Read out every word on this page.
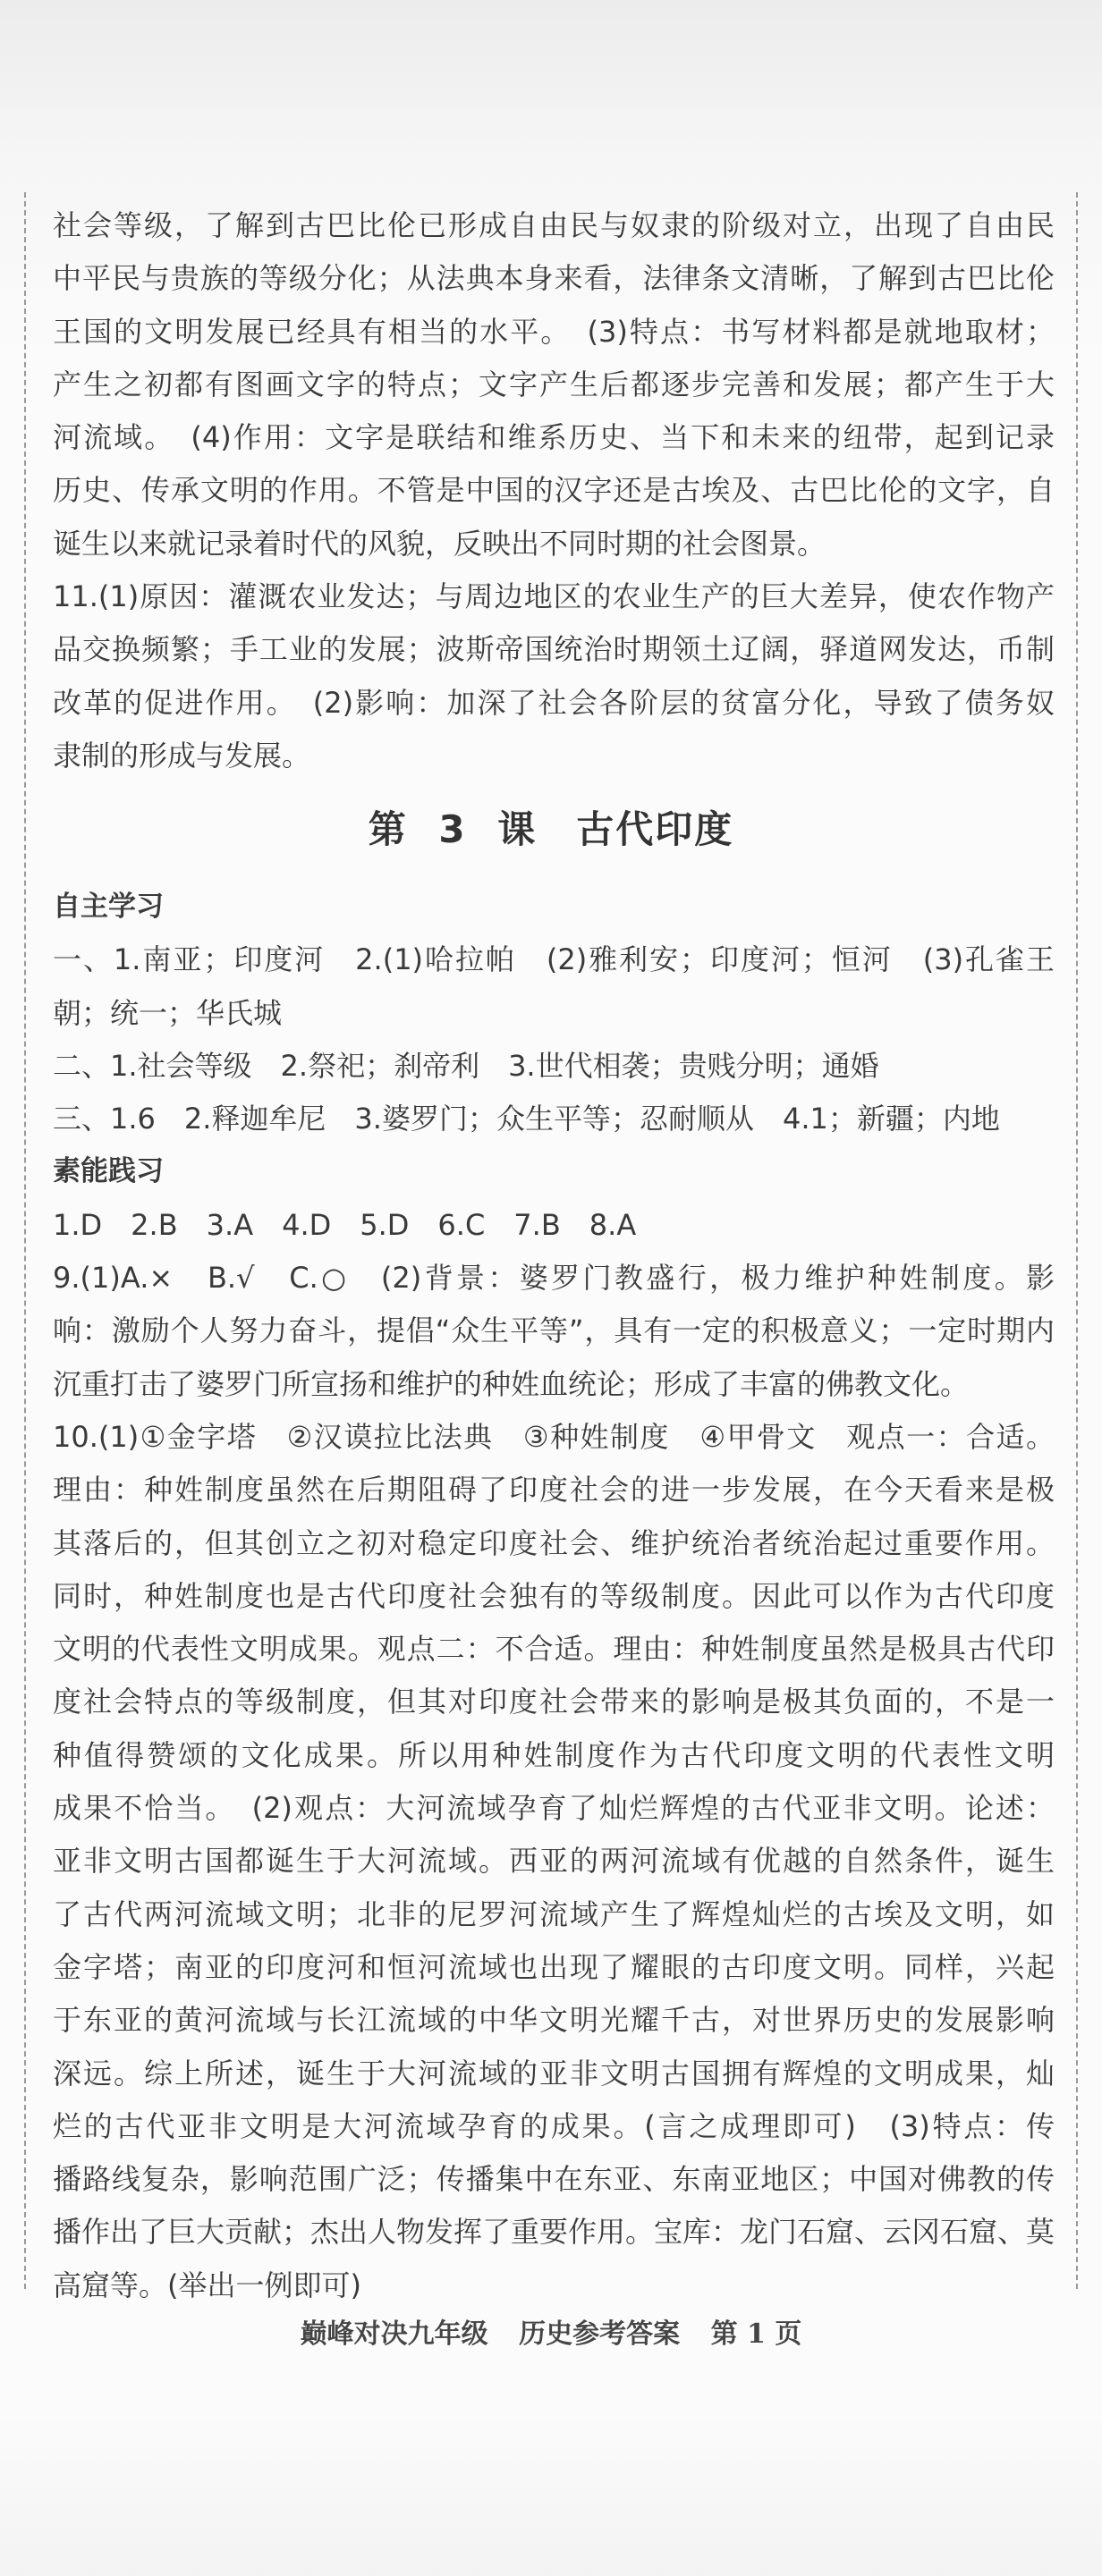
社会等级，了解到古巴比伦已形成自由民与奴隶的阶级对立，出现了自由民
中平民与贵族的等级分化；从法典本身来看，法律条文清晰，了解到古巴比伦
王国的文明发展已经具有相当的水平。　(3)特点：书写材料都是就地取材；
产生之初都有图画文字的特点；文字产生后都逐步完善和发展；都产生于大
河流域。　(4)作用：文字是联结和维系历史、当下和未来的纽带，起到记录
历史、传承文明的作用。不管是中国的汉字还是古埃及、古巴比伦的文字，自
诞生以来就记录着时代的风貌，反映出不同时期的社会图景。
11.(1)原因：灌溉农业发达；与周边地区的农业生产的巨大差异，使农作物产
品交换频繁；手工业的发展；波斯帝国统治时期领土辽阔，驿道网发达，币制
改革的促进作用。　(2)影响：加深了社会各阶层的贫富分化，导致了债务奴
隶制的形成与发展。
第 3 课　古代印度
自主学习
一、1.南亚；印度河　2.(1)哈拉帕　(2)雅利安；印度河；恒河　(3)孔雀王
朝；统一；华氏城
二、1.社会等级　2.祭祀；刹帝利　3.世代相袭；贵贱分明；通婚
三、1.6　2.释迦牟尼　3.婆罗门；众生平等；忍耐顺从　4.1；新疆；内地
素能践习
1.D　2.B　3.A　4.D　5.D　6.C　7.B　8.A
9.(1)A.×　B.√　C.○　(2)背景：婆罗门教盛行，极力维护种姓制度。影
响：激励个人努力奋斗，提倡“众生平等”，具有一定的积极意义；一定时期内
沉重打击了婆罗门所宣扬和维护的种姓血统论；形成了丰富的佛教文化。
10.(1)①金字塔　②汉谟拉比法典　③种姓制度　④甲骨文　观点一：合适。
理由：种姓制度虽然在后期阻碍了印度社会的进一步发展，在今天看来是极
其落后的，但其创立之初对稳定印度社会、维护统治者统治起过重要作用。
同时，种姓制度也是古代印度社会独有的等级制度。因此可以作为古代印度
文明的代表性文明成果。观点二：不合适。理由：种姓制度虽然是极具古代印
度社会特点的等级制度，但其对印度社会带来的影响是极其负面的，不是一
种值得赞颂的文化成果。所以用种姓制度作为古代印度文明的代表性文明
成果不恰当。　(2)观点：大河流域孕育了灿烂辉煌的古代亚非文明。论述：
亚非文明古国都诞生于大河流域。西亚的两河流域有优越的自然条件，诞生
了古代两河流域文明；北非的尼罗河流域产生了辉煌灿烂的古埃及文明，如
金字塔；南亚的印度河和恒河流域也出现了耀眼的古印度文明。同样，兴起
于东亚的黄河流域与长江流域的中华文明光耀千古，对世界历史的发展影响
深远。综上所述，诞生于大河流域的亚非文明古国拥有辉煌的文明成果，灿
烂的古代亚非文明是大河流域孕育的成果。(言之成理即可)　(3)特点：传
播路线复杂，影响范围广泛；传播集中在东亚、东南亚地区；中国对佛教的传
播作出了巨大贡献；杰出人物发挥了重要作用。宝库：龙门石窟、云冈石窟、莫
高窟等。(举出一例即可)
巅峰对决九年级 历史参考答案 第 1 页
